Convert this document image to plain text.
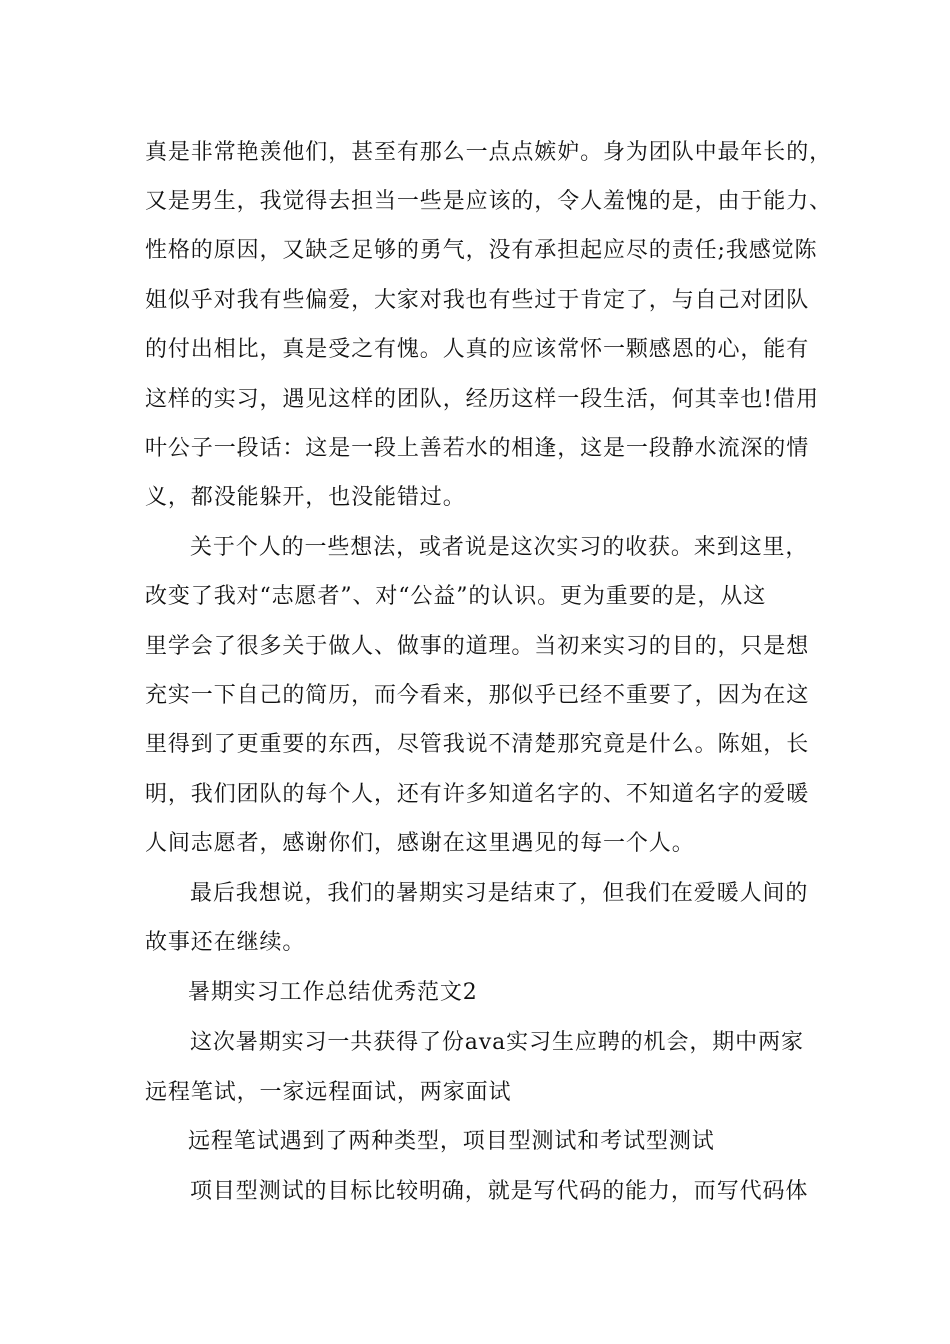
真是非常艳羡他们，甚至有那么一点点嫉妒。身为团队中最年长的，
又是男生，我觉得去担当一些是应该的，令人羞愧的是，由于能力、
性格的原因，又缺乏足够的勇气，没有承担起应尽的责任;我感觉陈
姐似乎对我有些偏爱，大家对我也有些过于肯定了，与自己对团队
的付出相比，真是受之有愧。人真的应该常怀一颗感恩的心，能有
这样的实习，遇见这样的团队，经历这样一段生活，何其幸也!借用
叶公子一段话：这是一段上善若水的相逢，这是一段静水流深的情
义，都没能躲开，也没能错过。
关于个人的一些想法，或者说是这次实习的收获。来到这里，
改变了我对“志愿者”、对“公益”的认识。更为重要的是，从这
里学会了很多关于做人、做事的道理。当初来实习的目的，只是想
充实一下自己的简历，而今看来，那似乎已经不重要了，因为在这
里得到了更重要的东西，尽管我说不清楚那究竟是什么。陈姐，长
明，我们团队的每个人，还有许多知道名字的、不知道名字的爱暖
人间志愿者，感谢你们，感谢在这里遇见的每一个人。
最后我想说，我们的暑期实习是结束了，但我们在爱暖人间的
故事还在继续。
暑期实习工作总结优秀范文2
这次暑期实习一共获得了份ava实习生应聘的机会，期中两家
远程笔试，一家远程面试，两家面试
远程笔试遇到了两种类型，项目型测试和考试型测试
项目型测试的目标比较明确，就是写代码的能力，而写代码体
